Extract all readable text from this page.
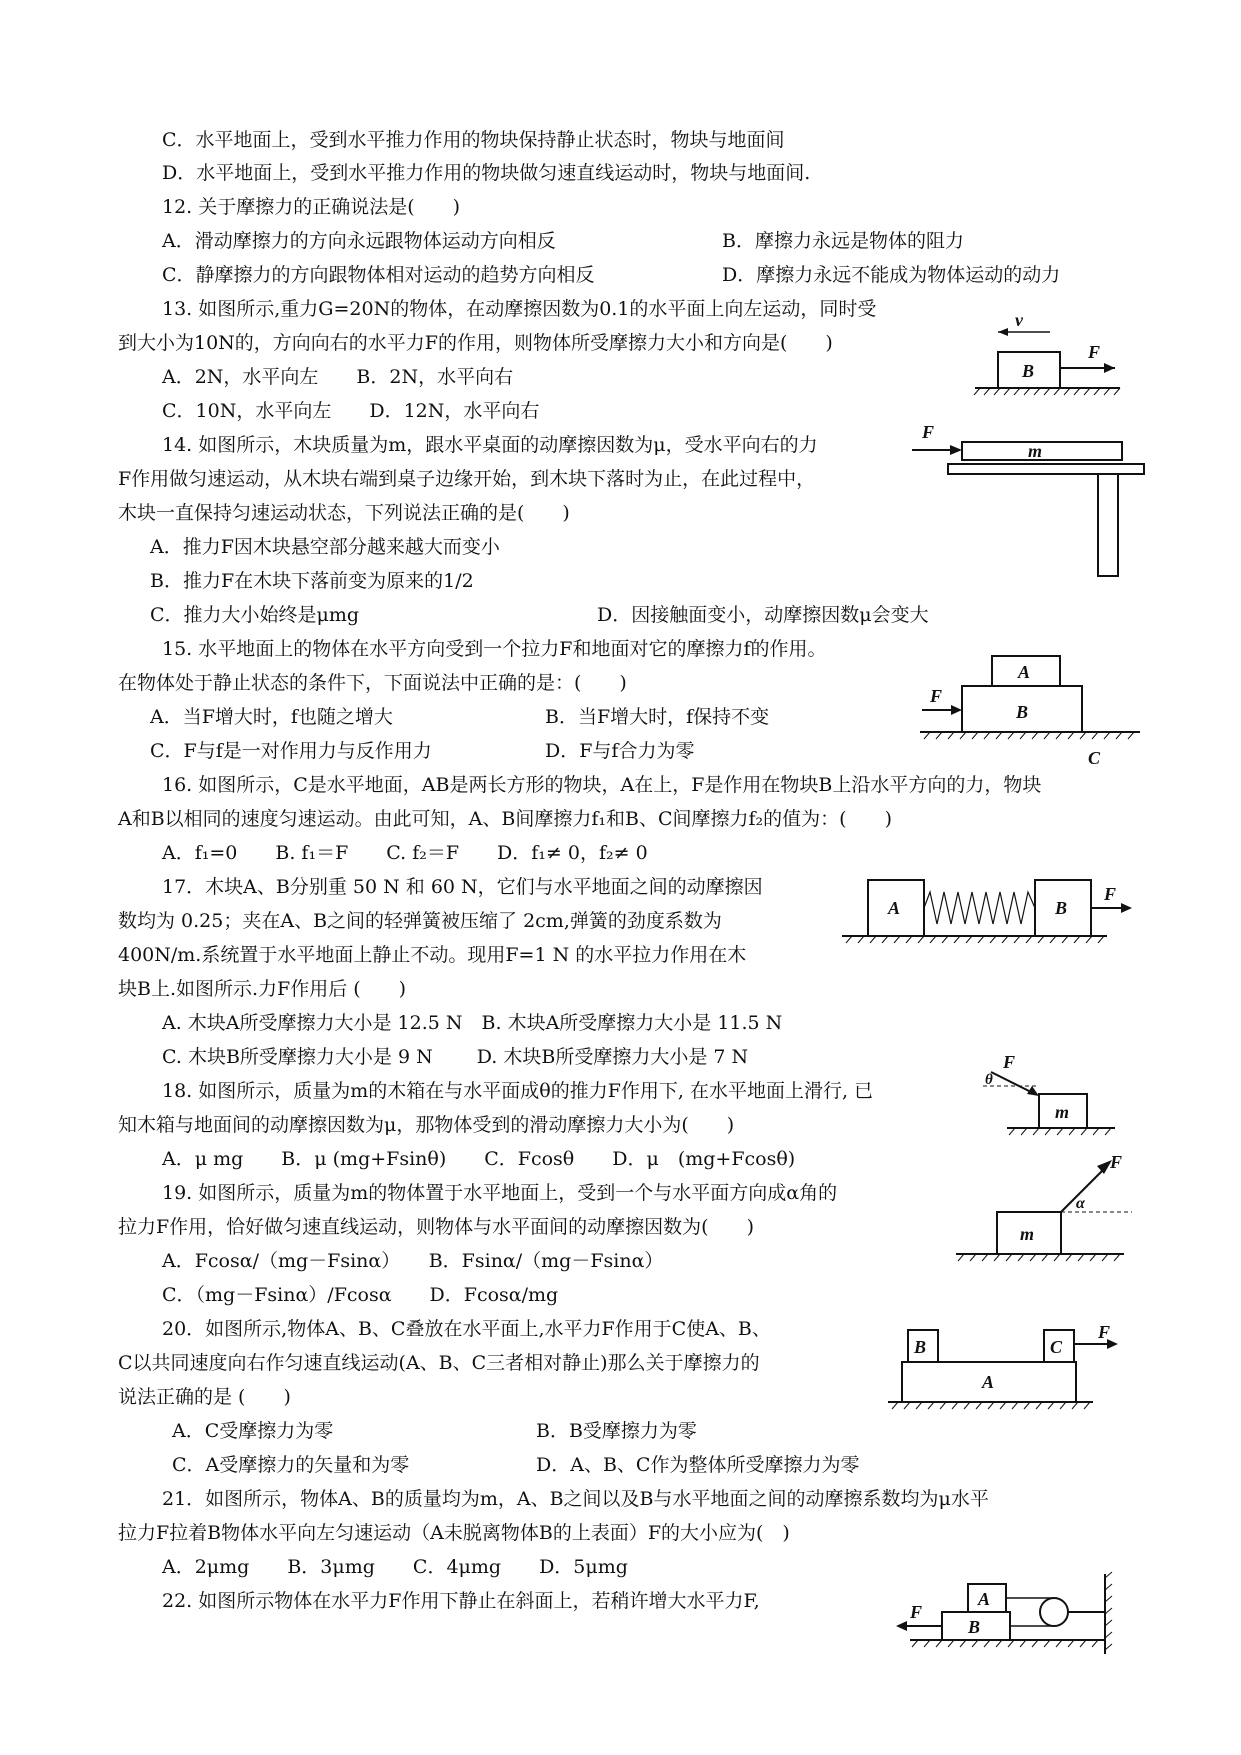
C．水平地面上，受到水平推力作用的物块保持静止状态时，物块与地面间
D．水平地面上，受到水平推力作用的物块做匀速直线运动时，物块与地面间.
12. 关于摩擦力的正确说法是(　　)
A．滑动摩擦力的方向永远跟物体运动方向相反	B．摩擦力永远是物体的阻力
C．静摩擦力的方向跟物体相对运动的趋势方向相反	D．摩擦力永远不能成为物体运动的动力
13. 如图所示,重力G=20N的物体，在动摩擦因数为0.1的水平面上向左运动，同时受
到大小为10N的，方向向右的水平力F的作用，则物体所受摩擦力大小和方向是(　　)
A．2N，水平向左　　B．2N，水平向右
C．10N，水平向左　　D．12N，水平向右
14. 如图所示，木块质量为m，跟水平桌面的动摩擦因数为μ，受水平向右的力
F作用做匀速运动，从木块右端到桌子边缘开始，到木块下落时为止，在此过程中，
木块一直保持匀速运动状态，下列说法正确的是(　　)
A．推力F因木块悬空部分越来越大而变小
B．推力F在木块下落前变为原来的1/2
C．推力大小始终是μmg	D．因接触面变小，动摩擦因数μ会变大
15. 水平地面上的物体在水平方向受到一个拉力F和地面对它的摩擦力f的作用。
在物体处于静止状态的条件下，下面说法中正确的是：(　　)
A．当F增大时，f也随之增大	B．当F增大时，f保持不变
C．F与f是一对作用力与反作用力	D．F与f合力为零
16. 如图所示，C是水平地面，AB是两长方形的物块，A在上，F是作用在物块B上沿水平方向的力，物块
A和B以相同的速度匀速运动。由此可知，A、B间摩擦力f₁和B、C间摩擦力f₂的值为：(　　)
A．f₁=0　　B. f₁＝F　　C. f₂＝F　　D．f₁≠ 0，f₂≠ 0
17．木块A、B分别重 50 N 和 60 N，它们与水平地面之间的动摩擦因
数均为 0.25；夹在A、B之间的轻弹簧被压缩了 2cm,弹簧的劲度系数为
400N/m.系统置于水平地面上静止不动。现用F=1 N 的水平拉力作用在木
块B上.如图所示.力F作用后 (　　)
A. 木块A所受摩擦力大小是 12.5 N　B. 木块A所受摩擦力大小是 11.5 N
C. 木块B所受摩擦力大小是 9 N　　 D. 木块B所受摩擦力大小是 7 N
18. 如图所示，质量为m的木箱在与水平面成θ的推力F作用下, 在水平地面上滑行, 已
知木箱与地面间的动摩擦因数为μ，那物体受到的滑动摩擦力大小为(　　)
A．μ mg　　B．μ (mg+Fsinθ)　　C．Fcosθ　　D．μ　(mg+Fcosθ)
19. 如图所示，质量为m的物体置于水平地面上，受到一个与水平面方向成α角的
拉力F作用，恰好做匀速直线运动，则物体与水平面间的动摩擦因数为(　　)
A．Fcosα/（mg－Fsinα）　　B．Fsinα/（mg－Fsinα）
C．（mg－Fsinα）/Fcosα　　D．Fcosα/mg
20．如图所示,物体A、B、C叠放在水平面上,水平力F作用于C使A、B、
C以共同速度向右作匀速直线运动(A、B、C三者相对静止)那么关于摩擦力的
说法正确的是 (　　)
A．C受摩擦力为零	B．B受摩擦力为零
C．A受摩擦力的矢量和为零	D．A、B、C作为整体所受摩擦力为零
21．如图所示，物体A、B的质量均为m，A、B之间以及B与水平地面之间的动摩擦系数均为μ水平
拉力F拉着B物体水平向左匀速运动（A未脱离物体B的上表面）F的大小应为(　)
A．2μmg　　B．3μmg　　C．4μmg　　D．5μmg
22. 如图所示物体在水平力F作用下静止在斜面上，若稍许增大水平力F,
B
F
v
F
m
A
B
F
C
A	B
F
F
θ
m
m
F
α
B	C
F
A
A
B
F
